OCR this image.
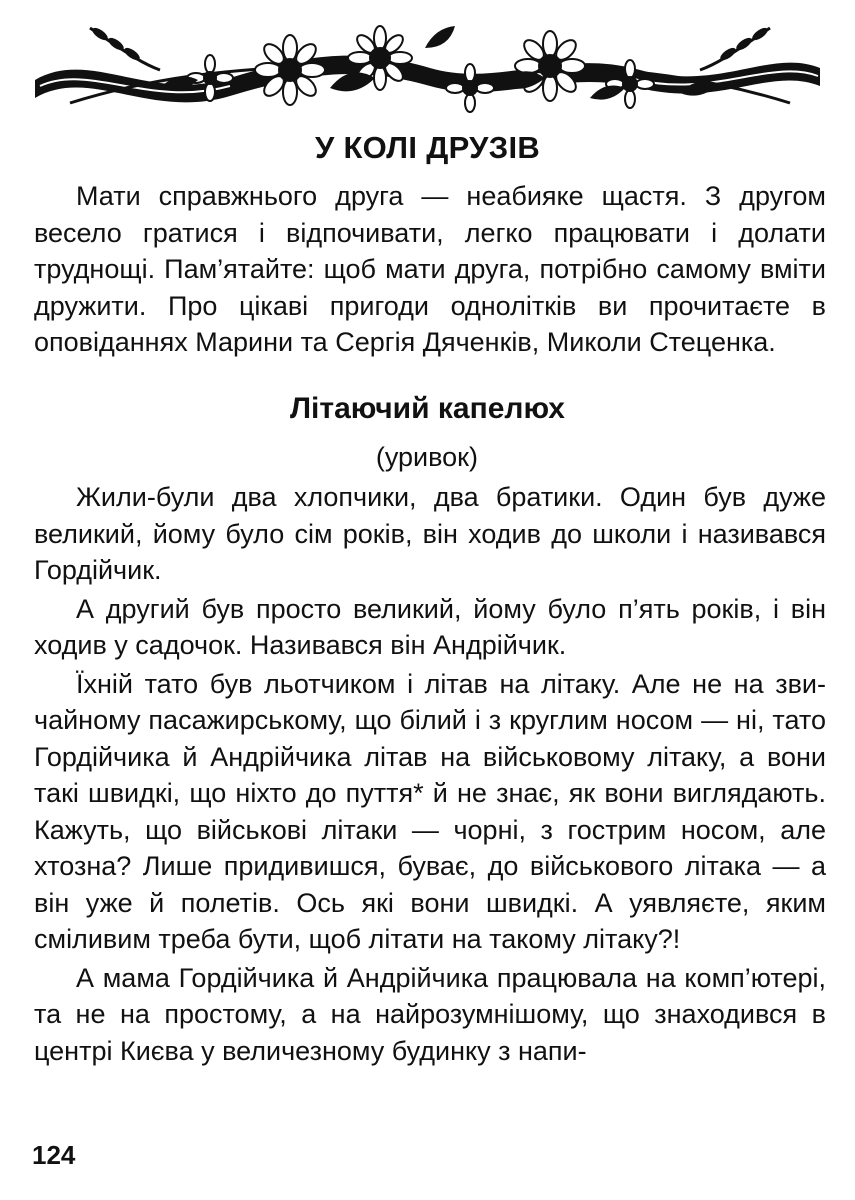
У КОЛІ ДРУЗІВ

Мати справжнього друга — неабияке щастя. З другом весело гратися і відпочивати, легко працювати і долати труднощі. Пам’ятайте: щоб мати друга, потрібно самому вміти дружити. Про цікаві пригоди однолітків ви прочитаєте в оповіданнях Марини та Сергія Дяченків, Миколи Стеценка.

Літаючий капелюх
(уривок)

Жили-були два хлопчики, два братики. Один був дуже великий, йому було сім років, він ходив до школи і називався Гордійчик.

А другий був просто великий, йому було п’ять років, і він ходив у садочок. Називався він Андрійчик.

Їхній тато був льотчиком і літав на літаку. Але не на звичайному пасажирському, що білий і з круглим носом — ні, тато Гордійчика й Андрійчика літав на військовому літаку, а вони такі швидкі, що ніхто до пуття* й не знає, як вони виглядають. Кажуть, що військові літаки — чорні, з гострим носом, але хтозна? Лише придивишся, буває, до військового літака — а він уже й полетів. Ось які вони швидкі. А уявляєте, яким сміливим треба бути, щоб літати на такому літаку?!

А мама Гордійчика й Андрійчика працювала на комп’ютері, та не на простому, а на найрозумнішому, що знаходився в центрі Києва у величезному будинку з напи-

124
